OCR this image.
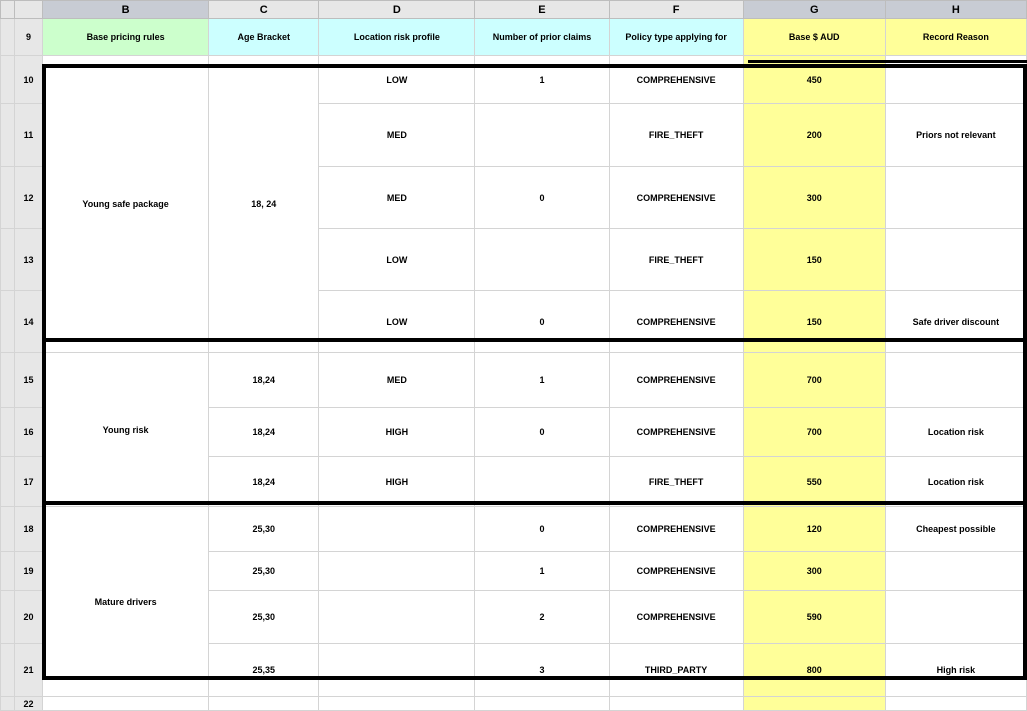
		B	C	D	E	F	G	H
	9	Base pricing rules	Age Bracket	Location risk profile	Number of prior claims	Policy type applying for	Base $ AUD	Record Reason
	10	Young safe package	18, 24	LOW	1	COMPREHENSIVE	450	
	11			MED		FIRE_THEFT	200	Priors not relevant
	12			MED	0	COMPREHENSIVE	300	
	13			LOW		FIRE_THEFT	150	
	14			LOW	0	COMPREHENSIVE	150	Safe driver discount
	15	Young risk	18,24	MED	1	COMPREHENSIVE	700	
	16		18,24	HIGH	0	COMPREHENSIVE	700	Location risk
	17		18,24	HIGH		FIRE_THEFT	550	Location risk
	18	Mature drivers	25,30		0	COMPREHENSIVE	120	Cheapest possible
	19		25,30		1	COMPREHENSIVE	300	
	20		25,30		2	COMPREHENSIVE	590	
	21		25,35		3	THIRD_PARTY	800	High risk
	22							
